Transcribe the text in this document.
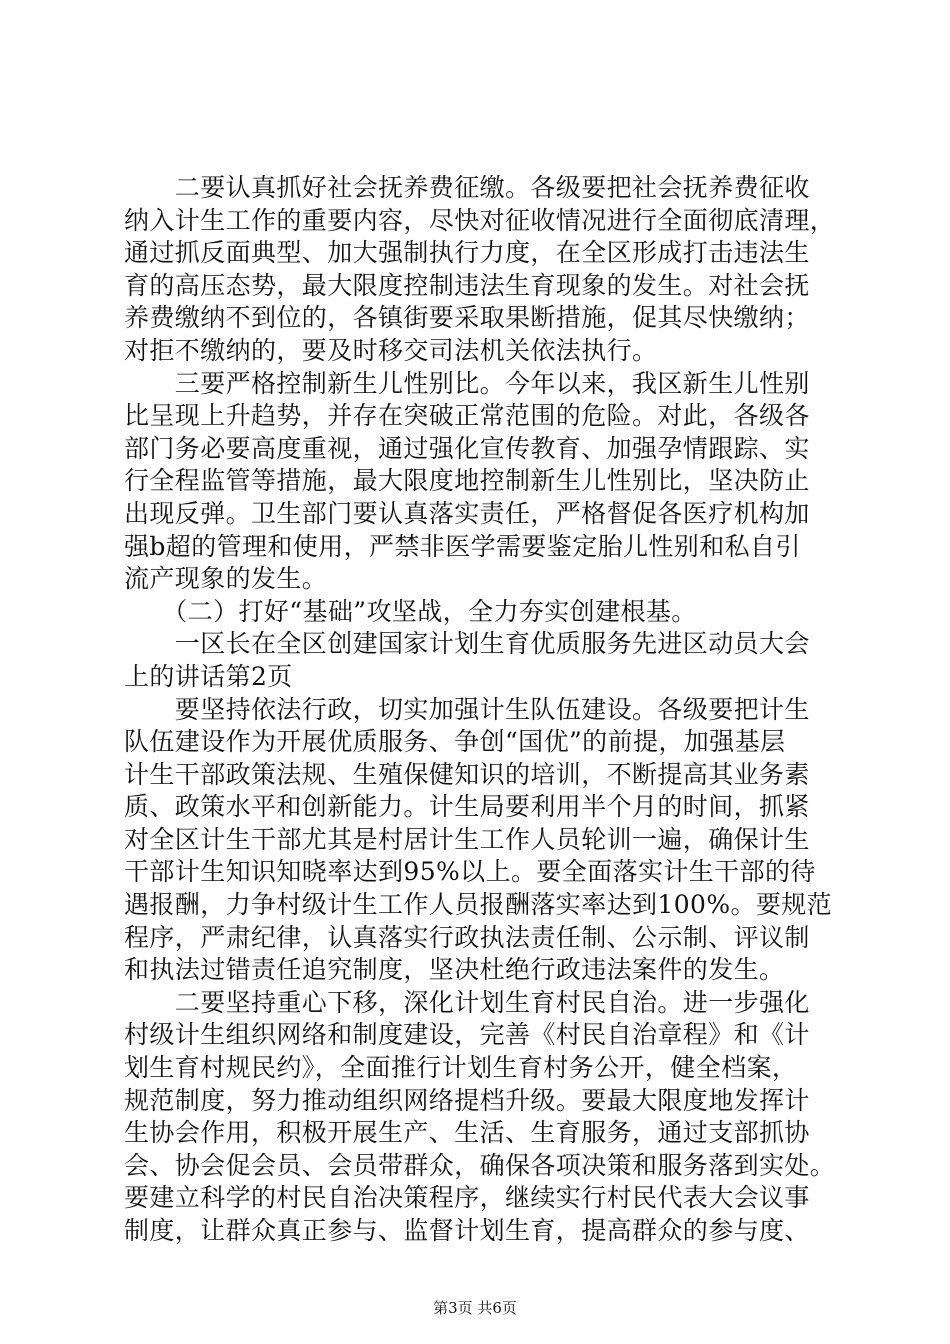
　　二要认真抓好社会抚养费征缴。各级要把社会抚养费征收
纳入计生工作的重要内容，尽快对征收情况进行全面彻底清理，
通过抓反面典型、加大强制执行力度，在全区形成打击违法生
育的高压态势，最大限度控制违法生育现象的发生。对社会抚
养费缴纳不到位的，各镇街要采取果断措施，促其尽快缴纳；
对拒不缴纳的，要及时移交司法机关依法执行。
　　三要严格控制新生儿性别比。今年以来，我区新生儿性别
比呈现上升趋势，并存在突破正常范围的危险。对此，各级各
部门务必要高度重视，通过强化宣传教育、加强孕情跟踪、实
行全程监管等措施，最大限度地控制新生儿性别比，坚决防止
出现反弹。卫生部门要认真落实责任，严格督促各医疗机构加
强b超的管理和使用，严禁非医学需要鉴定胎儿性别和私自引
流产现象的发生。
　　（二）打好“基础”攻坚战，全力夯实创建根基。
　　一区长在全区创建国家计划生育优质服务先进区动员大会
上的讲话第2页
　　要坚持依法行政，切实加强计生队伍建设。各级要把计生
队伍建设作为开展优质服务、争创“国优”的前提，加强基层
计生干部政策法规、生殖保健知识的培训，不断提高其业务素
质、政策水平和创新能力。计生局要利用半个月的时间，抓紧
对全区计生干部尤其是村居计生工作人员轮训一遍，确保计生
干部计生知识知晓率达到95%以上。要全面落实计生干部的待
遇报酬，力争村级计生工作人员报酬落实率达到100%。要规范
程序，严肃纪律，认真落实行政执法责任制、公示制、评议制
和执法过错责任追究制度，坚决杜绝行政违法案件的发生。
　　二要坚持重心下移，深化计划生育村民自治。进一步强化
村级计生组织网络和制度建设，完善《村民自治章程》和《计
划生育村规民约》，全面推行计划生育村务公开，健全档案，
规范制度，努力推动组织网络提档升级。要最大限度地发挥计
生协会作用，积极开展生产、生活、生育服务，通过支部抓协
会、协会促会员、会员带群众，确保各项决策和服务落到实处。
要建立科学的村民自治决策程序，继续实行村民代表大会议事
制度，让群众真正参与、监督计划生育，提高群众的参与度、
第3页 共6页
